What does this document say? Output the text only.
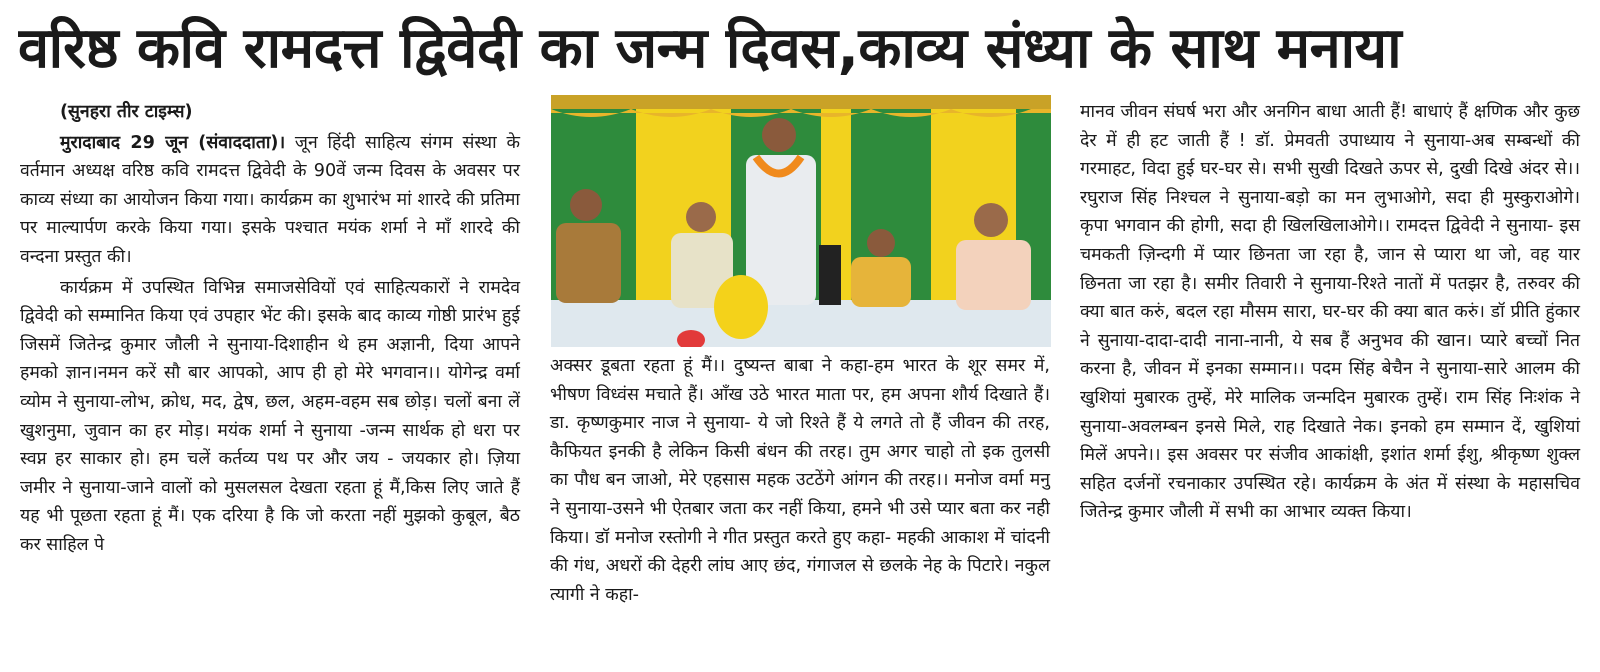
वरिष्ठ कवि रामदत्त द्विवेदी का जन्म दिवस,काव्य संध्या के साथ मनाया

(सुनहरा तीर टाइम्स)

मुरादाबाद 29 जून (संवाददाता)। जून हिंदी साहित्य संगम संस्था के वर्तमान अध्यक्ष वरिष्ठ कवि रामदत्त द्विवेदी के 90वें जन्म दिवस के अवसर पर काव्य संध्या का आयोजन किया गया। कार्यक्रम का शुभारंभ मां शारदे की प्रतिमा पर माल्यार्पण करके किया गया। इसके पश्चात मयंक शर्मा ने माँ शारदे की वन्दना प्रस्तुत की।

कार्यक्रम में उपस्थित विभिन्न समाजसेवियों एवं साहित्यकारों ने रामदेव द्विवेदी को सम्मानित किया एवं उपहार भेंट की। इसके बाद काव्य गोष्ठी प्रारंभ हुई जिसमें जितेन्द्र कुमार जौली ने सुनाया-दिशाहीन थे हम अज्ञानी, दिया आपने हमको ज्ञान।नमन करें सौ बार आपको, आप ही हो मेरे भगवान।। योगेन्द्र वर्मा व्योम ने सुनाया-लोभ, क्रोध, मद, द्वेष, छल, अहम-वहम सब छोड़। चलों बना लें खुशनुमा, जुवान का हर मोड़। मयंक शर्मा ने सुनाया -जन्म सार्थक हो धरा पर स्वप्न हर साकार हो। हम चलें कर्तव्य पथ पर और जय - जयकार हो। ज़िया जमीर ने सुनाया-जाने वालों को मुसलसल देखता रहता हूं मैं,किस लिए जाते हैं यह भी पूछता रहता हूं मैं। एक दरिया है कि जो करता नहीं मुझको कुबूल, बैठ कर साहिल पे

अक्सर डूबता रहता हूं मैं।। दुष्यन्त बाबा ने कहा-हम भारत के शूर समर में, भीषण विध्वंस मचाते हैं। आँख उठे भारत माता पर, हम अपना शौर्य दिखाते हैं। डा. कृष्णकुमार नाज ने सुनाया- ये जो रिश्ते हैं ये लगते तो हैं जीवन की तरह, कैफियत इनकी है लेकिन किसी बंधन की तरह। तुम अगर चाहो तो इक तुलसी का पौध बन जाओ, मेरे एहसास महक उटठेंगे आंगन की तरह।। मनोज वर्मा मनु ने सुनाया-उसने भी ऐतबार जता कर नहीं किया, हमने भी उसे प्यार बता कर नही किया। डॉ मनोज रस्तोगी ने गीत प्रस्तुत करते हुए कहा- महकी आकाश में चांदनी की गंध, अधरों की देहरी लांघ आए छंद, गंगाजल से छलके नेह के पिटारे। नकुल त्यागी ने कहा-

मानव जीवन संघर्ष भरा और अनगिन बाधा आती हैं! बाधाएं हैं क्षणिक और कुछ देर में ही हट जाती हैं ! डॉ. प्रेमवती उपाध्याय ने सुनाया-अब सम्बन्धों की गरमाहट, विदा हुई घर-घर से। सभी सुखी दिखते ऊपर से, दुखी दिखे अंदर से।। रघुराज सिंह निश्चल ने सुनाया-बड़ो का मन लुभाओगे, सदा ही मुस्कुराओगे। कृपा भगवान की होगी, सदा ही खिलखिलाओगे।। रामदत्त द्विवेदी ने सुनाया- इस चमकती ज़िन्दगी में प्यार छिनता जा रहा है, जान से प्यारा था जो, वह यार छिनता जा रहा है। समीर तिवारी ने सुनाया-रिश्ते नातों में पतझर है, तरुवर की क्या बात करुं, बदल रहा मौसम सारा, घर-घर की क्या बात करुं। डॉ प्रीति हुंकार ने सुनाया-दादा-दादी नाना-नानी, ये सब हैं अनुभव की खान। प्यारे बच्चों नित करना है, जीवन में इनका सम्मान।। पदम सिंह बेचैन ने सुनाया-सारे आलम की खुशियां मुबारक तुम्हें, मेरे मालिक जन्मदिन मुबारक तुम्हें। राम सिंह निःशंक ने सुनाया-अवलम्बन इनसे मिले, राह दिखाते नेक। इनको हम सम्मान दें, खुशियां मिलें अपने।। इस अवसर पर संजीव आकांक्षी, इशांत शर्मा ईशु, श्रीकृष्ण शुक्ल सहित दर्जनों रचनाकार उपस्थित रहे। कार्यक्रम के अंत में संस्था के महासचिव जितेन्द्र कुमार जौली में सभी का आभार व्यक्त किया।
